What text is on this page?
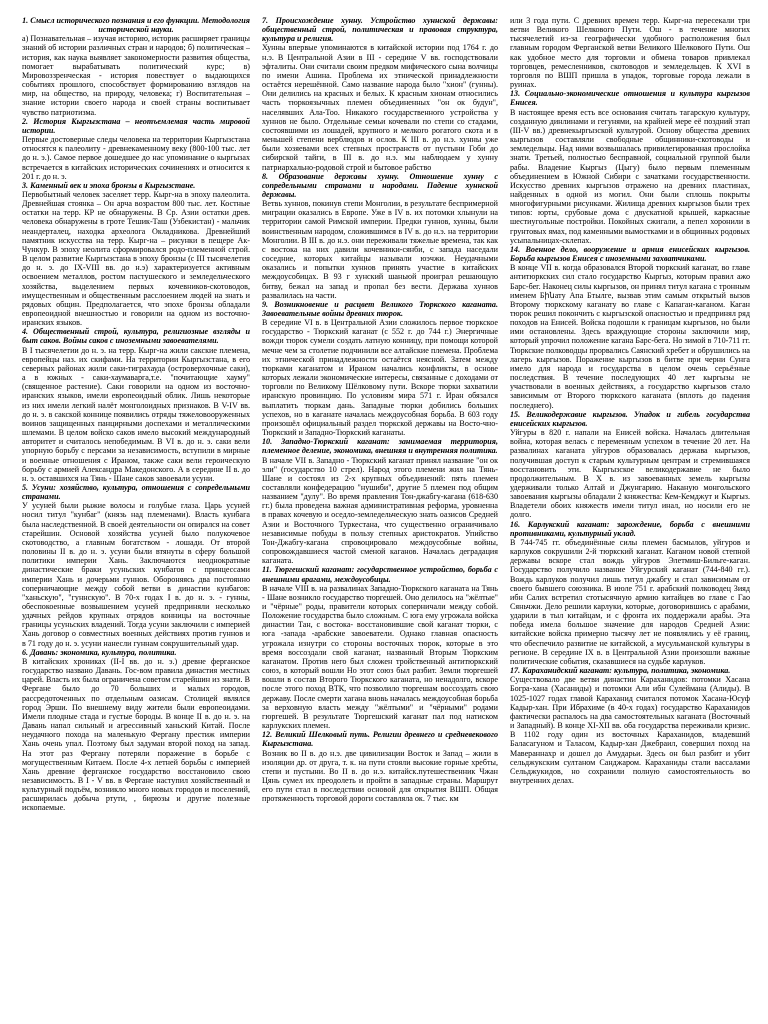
1. Смысл исторического познания и его функции. Методология исторической науки.

а) Познавательная – изучая историю, историк расширяет границы знаний об истории различных стран и народов; б) политическая – история, как наука выявляет закономерности развития общества, помогает вырабатывать политический курс; в) Мировоззренческая - история повествует о выдающихся событиях прошлого, способствует формированию взглядов на мир, на общество, на природу, человека; г) Воспитательная – знание истории своего народа и своей страны воспитывает чувство патриотизма.

2. История Кыргызстана – неотъемлемая часть мировой истории.

Первые достоверные следы человека на территории Кыргызстана относятся к палеолиту - древнекаменному веку (800-100 тыс. лет до н. э.). Самое первое дошедшее до нас упоминание о кыргызах встречается в китайских исторических сочинениях и относится к 201 г. до н. э.

3. Каменный век и эпоха бронзы в Кыргызстане.

Первобытный человек заселяет терр. Кырг-на в эпоху палеолита. Древнейшая стоянка – Он арча возрастом 800 тыс. лет. Костные остатки на терр. КР не обнаружены. В Ср. Азии остатки древ. человека обнаружены в гроте Тешик-Таш (Узбекистан) - мальчик неандерталец, находка археолога Окладникова. Древнейший памятник искусства на терр. Кырг-на – рисунки в пещере Ак-Чункур. В эпоху неолита сформировался родо-племенной строй. В целом развитие Кыргызстана в эпоху бронзы (с III тысячелетия до н. э. до IX-VIII вв. до н.э) характеризуется активным освоением металлов, ростом пастушеского и земледельческого хозяйства, выделением первых кочевников-скотоводов, имущественным и общественным расслоением людей на знать и рядовых общин. Предполагается, что эпохе бронзы обладали европеоидной внешностью и говорили на одном из восточно-иранских языков.

4. Общественный строй, культура, религиозные взгляды и быт саков. Войны саков с иноземными завоевателями.

В I тысячелетии до н. э. на терр. Кырг-на жили сакские племена, европейцы наз. их скифами. На территории Кыргызстана, в его северных районах жили саки-тиграхауда (островерхочные саки), а в южных - саки-хаумаварга,т.е. "почитающие хауму" (священное растение). Саки говорили на одном из восточно-иранских языков, имели европеоидный облик. Лишь некоторые из них имели легкий налёт монголоидных признаков. В V-IV вв. до н. э. в сакской коннице появились отряды тяжеловооруженных воинов защищенных панцирными доспехами и металлическими шлемами. В целом войско саков имело высокий международный авторитет и считалось непобедимым. В VI в. до н. э. саки вели упорную борьбу с персами за независимость, вступили в мирные и военные отношения с Ираном, также саки вели героическую борьбу с армией Александра Македонского. А в середине II в. до н. э. оставшихся на Тянь - Шане саков завоевали усуни.

5. Усуни: хозяйство, культура, отношения с сопредельными странами.

У усуней были рыжие волосы и голубые глаза. Царь усуней носил титул "кунбаг" (князь над племенами). Власть кунбага была наследственной. В своей деятельности он опирался на совет старейшин. Основой хозяйства усуней было полукочевое скотоводство, а главным богатством - лошади. От второй половины II в. до н. э. усуни были втянуты в сферу большой политики империи Хань. Заключаются неоднократные династические браки усуньских кунбагов с принцессами империи Хань и дочерьми гуннов. Обороняясь два постоянно соперничающие между собой ветви в династии кунбагов: "ханьскую", "гуннскую". В 70-х годах I в. до н. э. - гунны, обеспокоенные возвышением усуней предприняли несколько удачных рейдов крупных отрядов конницы на восточные границы усуньских владений. Тогда усуни заключили с империей Хань договор о совместных военных действиях против гуннов и в 71 году до н. э. усуни нанесли гуннам сокрушительный удар.

6. Давань: экономика, культура, политика.

В китайских хрониках (II-I вв. до н. э.) древне ферганское государство названо Давань. Гос-вом правила династия местных царей. Власть их была ограничена советом старейшин из знати. В Фергане было до 70 больших и малых городов, рассредоточенных по отдельным оазисам. Столицей являлся город Эрши. По внешнему виду жители были европеоидами. Имели плодные стада и густые бороды. В конце II в. до н. э. на Давань напал сильный и агрессивный ханьский Китай. После неудачного похода на маленькую Фергану престиж империи Хань очень упал. Поэтому был задуман второй поход на запад. На этот раз Фергану потеряли поражение в борьбе с могущественным Китаем. После 4-х летней борьбы с империей Хань древние ферганское государство восстановило свою независимость. В I - V вв. в Фергане наступил хозяйственный и культурный подъём, возникло много новых городов и поселений, расширилась добыча ртути, , бирюзы и другие полезные ископаемые.

7. Происхождение хунну. Устройство хуннской державы: общественный строй, политическая и правовая структура, культура и религия.

Хунны впервые упоминаются в китайской истории под 1764 г. до н.э. В Центральной Азии в III - середине V вв. господствовали эфталиты. Они считали своим предком мифического сына волчицы по имени Ашина. Проблема их этнической принадлежности остаётся нерешённой. Само название народа было "хион" (гунны). Они делились на красных и белых. К красным хионам относились часть тюркоязычных племен объединенных "он ок будун", населявших Ала-Тоо. Никакого государственного устройства у хуннов не было. Отдельные семьи кочевали по степи со стадами, состоявшими из лошадей, крупного и мелкого рогатого скота и в меньшей степени верблюдов и ослов. К III в. до н.э. хунны уже были хозяевами всех степных пространств от пустыни Гоби до сибирской тайги, в III в. до н.э. мы наблюдаем у хунну патриархально-родовой строй и бытовое рабство

8. Образование державы хунну. Отношение хунну с сопредельными странами и народами. Падение хуннской державы.

Ветвь хуннов, покинув степи Монголии, в результате беспримерной миграции оказались в Европе. Уже в IV в. их потомки хлынули на территории самой Римской империи. Предки гуннов, хунны, были воинственным народом, сложившимся в IV в. до н.э. на территории Монголии. В III в. до н.э. они переживали тяжелые времена, так как с востока на них давили кочевники-сянби, с запада наседали соседние, которых китайцы называли юэчжи. Неудачными оказались и попытки хуннов принять участие в китайских междоусобицах. В 93 г хунский шаньюй проиграл решающую битву, бежал на запад и пропал без вести. Держава хуннов развалилась на части.

9. Возникновение и расцвет Великого Тюркского каганата. Завоевательные войны древних тюрок.

В середине VI в. в Центральной Азии сложилось первое тюркское государство - Тюркский каганат (с 552 г. до 744 г.) Энергичные вожди тюрок сумели создать латную конницу, при помощи которой мечне чем за столетие подчинили все алтайские племена. Проблема их этнической принадлежности остаётся неясной. Затем между тюрками каганатом и Ираном начались конфликты, в основе которых лежали экономические интересы, связанные с доходами от торговли по Великому Шёлковому пути. Вскоре тюрки захватили иранскую провинцию. По условиям мира 571 г. Иран обязался выплатить тюркам дань. Западные тюрки добились больших успехов, но в каганате началась междоусобная борьба. В 603 году произошёл официальный раздел тюркской державы на Восто-чно-Тюркский и Западно-Тюркский каганаты.

10. Западно-Тюркский каганат: занимаемая территория, племенное деление, экономика, внешняя и внутренняя политика.

В начале VII в. Западно - Тюркский каганат принял название "он ок эли" (государство 10 стрел). Народ этого племени жил на Тянь-Шане и состоял из 2-х крупных объединений: пять племен составляли конфедерацию "нушиби", другие 5 племен под общим названием "дулу". Во время правления Тон-джабгу-кагана (618-630 гг.) была проведена важная административная реформа, уровненна в правах кочевую и оседло-земледельческую знать оазисов Средней Азии и Восточного Туркестана, что существенно ограничивало независимые побуды в пользу степных аристократов. Упийство Тон-Джабгу-кагана спровоцировало междоусобные войны, сопровождавшиеся частой сменой каганов. Началась деградация каганата.

11. Тюргешский каганат: государственное устройство, борьба с внешними врагами, междоусобицы.

В начале VIII в. на развалинах Западно-Тюркского каганата на Тянь - Шане возникло государство тюргешей. Оно делилось на "жёлтые" и "чёрные" роды, правители которых соперничали между собой. Положение государства было сложным. С юга ему угрожала войска династии Тан, с востока- восстановившие свой каганат тюрки, с юга -запада -арабские завоеватели. Однако главная опасность угрожала изнутри со стороны восточных тюрок, которые в это время воссоздали свой каганат, названный Вторым Тюркским каганатом. Против него был сложен тройственный антитюркский союз, в который вошли Но этот союз был разбит. Земли тюргешей вошли в состав Второго Тюркского каганата, но ненадолго, вскоре после этого поход ВТК, что позволило тюргешам воссоздать свою державу. После смерти хагана вновь началась междоусобная борьба за верховную власть между "жёлтыми" и "чёрными" родами гюргешей. В результате Тюргешский каганат пал под натиском карлукских племен.

12. Великий Шелковый путь. Религии древнего и средневекового Кыргызстана.

Возник во II в. до н.э. две цивилизации Восток и Запад – жили в изоляции др. от друга, т. к. на пути стояли высокие горные хребты, степи и пустыни. Во II в. до н.э. китайск.путешественник Чжан Цянь сумел их преодолеть и пройти в западные страны. Маршрут его пути стал в последствии основой для открытия ВШП. Общая протяженность торговой дороги составляла ок. 7 тыс. км

или 3 года пути. С древних времен терр. Кырг-на пересекали три ветви Великого Шелкового Пути. Ош - в течение многих тысячелетий из-за географически удобного расположения был главным городом Ферганской ветви Великого Шелкового Пути. Ош как удобное место для торговли и обмена товаров привлекал торговцев, ремесленников, скотоводов и земледельцев. К XVI в торговля по ВШП пришла в упадок, торговые города лежали в руинах.

13. Социально-экономические отношения и культура кыргызов Енисея.

В настоящее время есть все основания считать тагарскую культуру, созданную динлинами и гегунями, на крайней мере её поздний этап (III-V вв.) древнекыргызской культурой. Основу общества древних кыргызов составляли свободные общинники-скотоводы и земледельцы. Над ними возвышалась привилегированная прослойка знати. Третьей, полностью бесправной, социальной группой были рабы. Владение Кыргыз (Цыгу) было первым племенным объединением в Южной Сибири с зачатками государственности. Искусство древних кыргызов отражено на древних пластинах, найденных в одной из могил. Они были сплошь покрыты многофигурными рисунками. Жилища древних кыргызов были трех типов: юрты, срубовые дома с двускатной крышей, каркасные шестиугольные постройки. Покойных сжигали, а пепел хоронили в грунтовых ямах, под каменными вымостками и в общинных родовых усыпальницах-склепах.

14. Военное дело, вооружение и армия енисейских кыргызов. Борьба кыргызов Енисея с иноземными захватчиками.

В конце VII в. когда образовался Второй тюркский каганат, во главе антитюркских сил стало государство Кыргыз, которым правил ажо Барс-бег. Наконец силы кыргызов, он принял титул кагана с тронным именем Бինату Апа Бтылге, вызвав этим самым открытый вызов Второму тюркскому каганату во главе с Капаган-каганом. Каган тюрок решил покончить с кыргызской опасностью и предпринял ряд походов на Енисей. Войска подошли к границам кыргызов, но были ими остановлены. Здесь враждующие стороны заключили мир, который упрочил положение кагана Барс-бега. Но зимой в 710-711 гг. Тюркские полководцы прорвались Саянский хребет и обрушились на лагерь кыргызов. Поражение кыргызов в битве при черни Сунга имело для народа и государства в целом очень серьёзные последствия. В течение последующих 40 лет кыргызы не участвовали в военных действиях, а государство кыргызов стало зависимым от Второго тюркского каганата (вплоть до падения последнего).

15. Великодержавие кыргызов. Упадок и гибель государства енисейских кыргызов.

Уйгуры в 820 г. напали на Енисей войска. Началась длительная война, которая велась с переменным успехом в течение 20 лет. На развалинах каганата уйгуров образовалась держава кыргызов, получившая доступ к старым культурным центрам и стремившаяся восстановить эти. Кыргызское великодержавие не было продолжительным. В Х в. из завоеванных земель кыргызы удерживали только Алтай и Джунгарию. Наканую монгольского завоевания кыргызы обладали 2 княжества: Кем-Кемджут и Кыргыз. Владетели обоих княжеств имели титул инал, но носили его не долго.

16. Карлукский каганат: зарождение, борьба с внешними противниками, культурный уклад.

В 744-745 гг. объединённые силы племен басмылов, уйгуров и карлуков сокрушили 2-й тюркский каганат. Каганом новой степной державы вскоре стал вождь уйгуров Элетмиш-Бильге-каган. Государство получило название Уйгурский каганат (744-840 гг.). Вождь карлуков получил лишь титул джабгу и стал зависимым от своего бывшего союзника. В июле 751 г. арабский полководец Зияд ибн Салих встретил стотысячную армию китайцев во главе с Гао Сяньчжи. Дело решили карлуки, которые, договорившись с арабами, ударили в тыл китайцам, и с фронта их поддержали арабы. Эта победа имела большое значение для народов Средней Азии: китайские войска примерно тысячу лет не появлялись у её границ, что обеспечило развитие не китайской, а мусульманской культуры в регионе. В середине IX в. в Центральной Азии произошли важные политические события, сказавшиеся на судьбе карлуков.

17. Караханидский каганат: культура, политика, экономика.

Существовало две ветви династии Караханидов: потомки Хасана Бoгра-хана (Хасаниды) и потомки Али ибн Сулеймана (Алиды). В 1025-1027 годах главой Караханид считался потомок Хасана-Юсуф Кадыр-хан. При Ибрахиме (в 40-х годах) государство Караханидов фактически распалось на два самостоятельных каганата (Восточный и Западный). В конце XI-XII вв. оба государства переживали кризис. В 1102 году один из восточных Караханидов, владевший Баласагуном и Таласом, Кадыр-хан Джебраил, совершил поход на Мавераннахр и дошел до Амударьи. Здесь он был разбит и убит сельджукским султаном Санджаром. Караханиды стали вассалами Сельджукидов, но сохранили полную самостоятельность во внутренних делах.
